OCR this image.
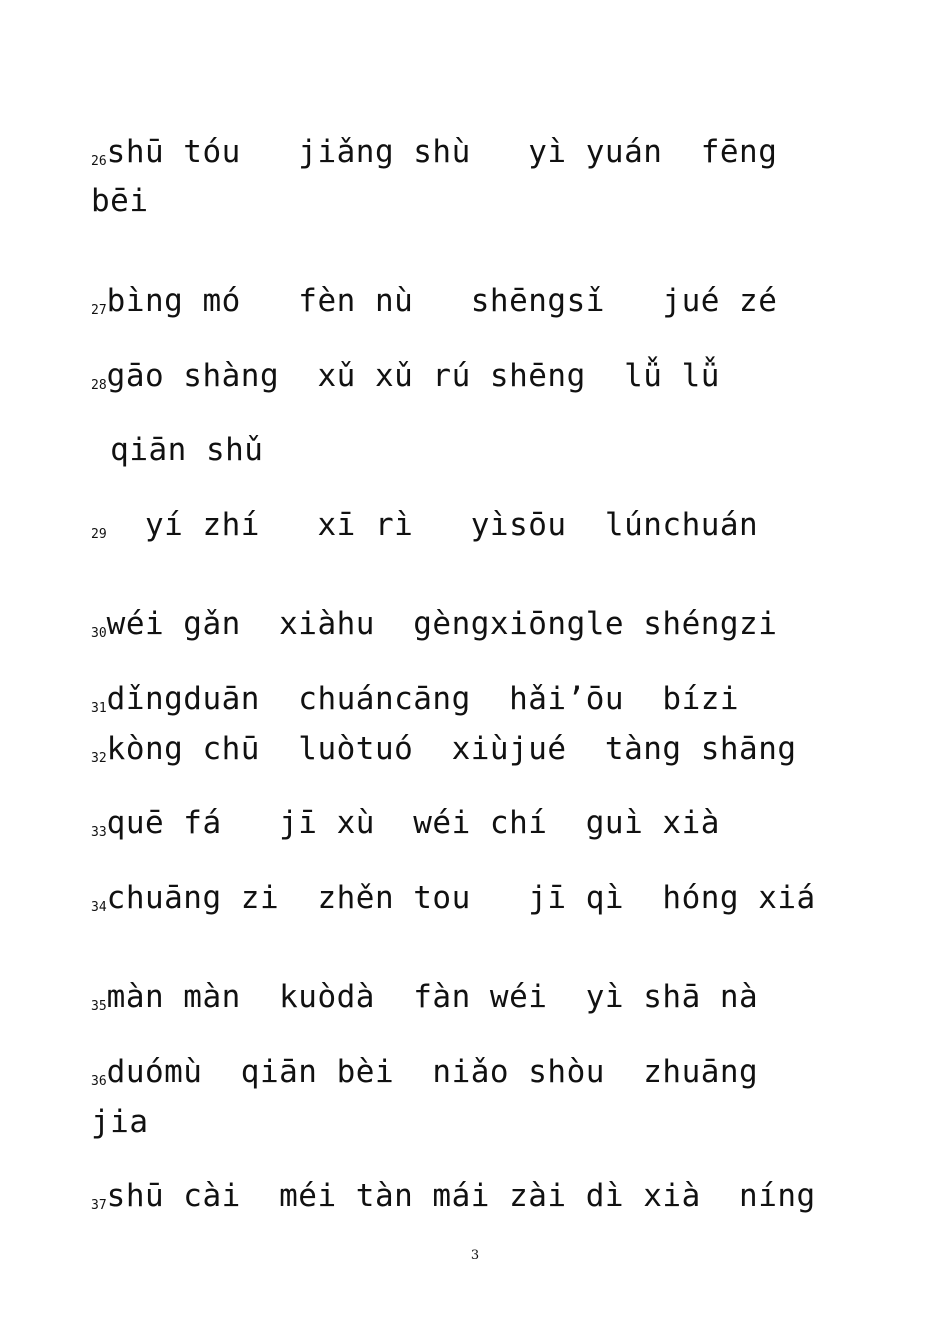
26shū tóu   jiǎng shù   yì yuán  fēng
bēi
27bìng mó   fèn nù   shēngsǐ   jué zé
28gāo shàng  xǔ xǔ rú shēng  lǚ lǚ
qiān shǔ
29  yí zhí   xī rì   yìsōu  lúnchuán
30wéi gǎn  xiàhu  gèngxiōngle shéngzi
31dǐngduān  chuáncāng  hǎi’ōu  bízi
32kòng chū  luòtuó  xiùjué  tàng shāng
33quē fá   jī xù  wéi chí  guì xià
34chuāng zi  zhěn tou   jī qì  hóng xiá
35màn màn  kuòdà  fàn wéi  yì shā nà
36duómù  qiān bèi  niǎo shòu  zhuāng
jia
37shū cài  méi tàn mái zài dì xià  níng
3
